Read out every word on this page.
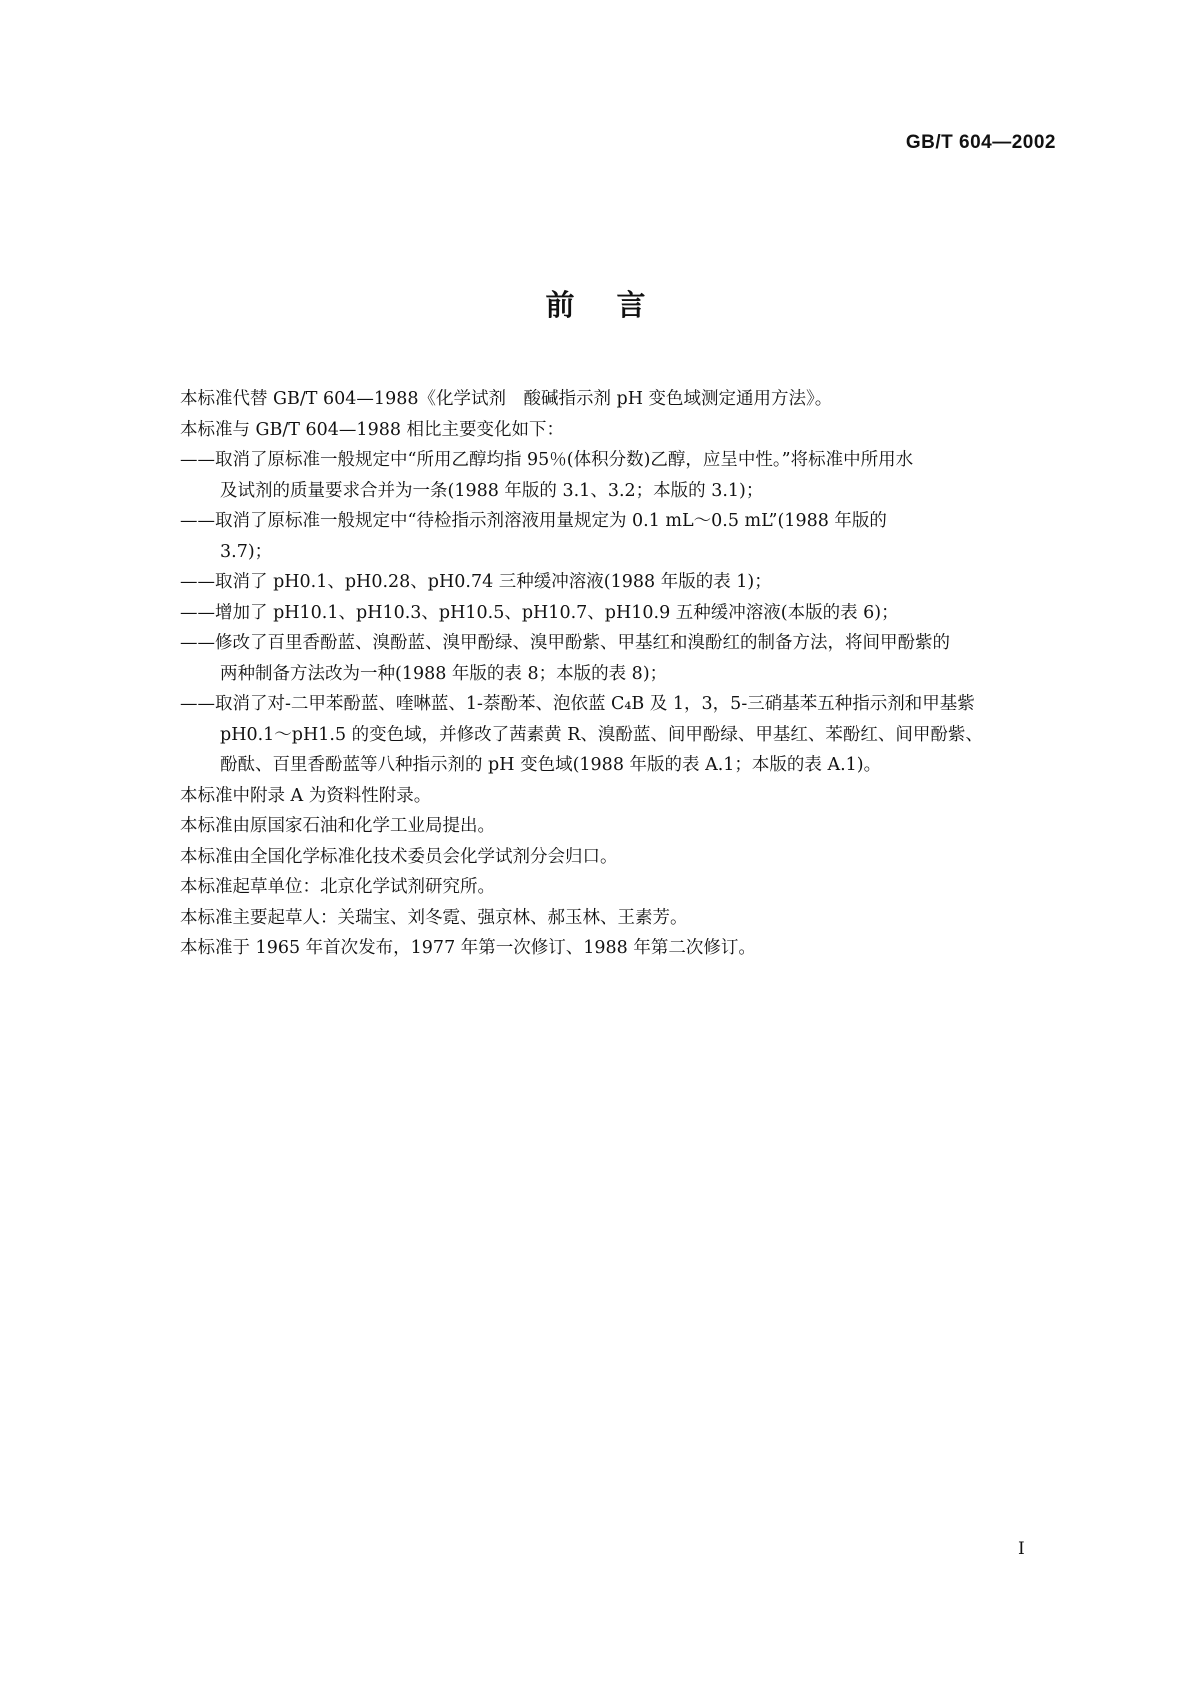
GB/T 604—2002
前言

本标准代替 GB/T 604—1988《化学试剂　酸碱指示剂 pH 变色域测定通用方法》。

本标准与 GB/T 604—1988 相比主要变化如下：

——取消了原标准一般规定中“所用乙醇均指 95％(体积分数)乙醇，应呈中性。”将标准中所用水
及试剂的质量要求合并为一条(1988 年版的 3.1、3.2；本版的 3.1)；
——取消了原标准一般规定中“待检指示剂溶液用量规定为 0.1 mL～0.5 mL”(1988 年版的
3.7)；
——取消了 pH0.1、pH0.28、pH0.74 三种缓冲溶液(1988 年版的表 1)；
——增加了 pH10.1、pH10.3、pH10.5、pH10.7、pH10.9 五种缓冲溶液(本版的表 6)；
——修改了百里香酚蓝、溴酚蓝、溴甲酚绿、溴甲酚紫、甲基红和溴酚红的制备方法，将间甲酚紫的
两种制备方法改为一种(1988 年版的表 8；本版的表 8)；
——取消了对-二甲苯酚蓝、喹啉蓝、1-萘酚苯、泡依蓝 C₄B 及 1，3，5-三硝基苯五种指示剂和甲基紫
pH0.1～pH1.5 的变色域，并修改了茜素黄 R、溴酚蓝、间甲酚绿、甲基红、苯酚红、间甲酚紫、
酚酞、百里香酚蓝等八种指示剂的 pH 变色域(1988 年版的表 A.1；本版的表 A.1)。

本标准中附录 A 为资料性附录。

本标准由原国家石油和化学工业局提出。

本标准由全国化学标准化技术委员会化学试剂分会归口。

本标准起草单位：北京化学试剂研究所。

本标准主要起草人：关瑞宝、刘冬霓、强京林、郝玉林、王素芳。

本标准于 1965 年首次发布，1977 年第一次修订、1988 年第二次修订。

I
